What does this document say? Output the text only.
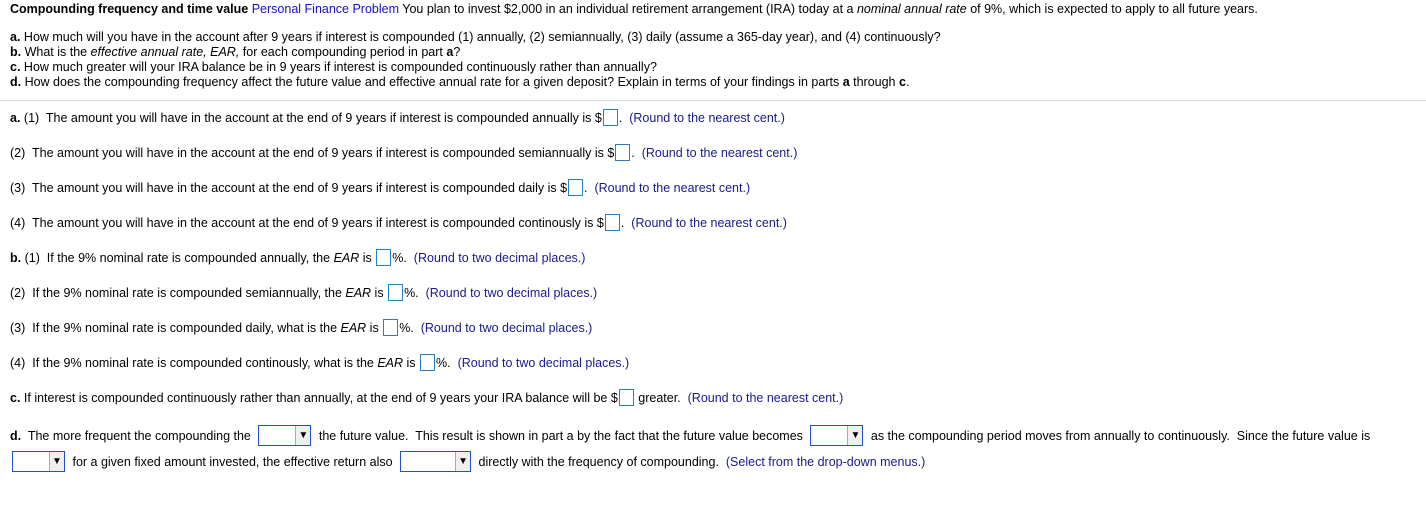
Compounding frequency and time value Personal Finance Problem You plan to invest $2,000 in an individual retirement arrangement (IRA) today at a nominal annual rate of 9%, which is expected to apply to all future years.
a. How much will you have in the account after 9 years if interest is compounded (1) annually, (2) semiannually, (3) daily (assume a 365-day year), and (4) continuously?
b. What is the effective annual rate, EAR, for each compounding period in part a?
c. How much greater will your IRA balance be in 9 years if interest is compounded continuously rather than annually?
d. How does the compounding frequency affect the future value and effective annual rate for a given deposit? Explain in terms of your findings in parts a through c.
a. (1)  The amount you will have in the account at the end of 9 years if interest is compounded annually is $ .
(Round to the nearest cent.)
(2)  The amount you will have in the account at the end of 9 years if interest is compounded semiannually is $ .
(Round to the nearest cent.)
(3)  The amount you will have in the account at the end of 9 years if interest is compounded daily is $ .
(Round to the nearest cent.)
(4)  The amount you will have in the account at the end of 9 years if interest is compounded continously is $ .
(Round to the nearest cent.)
b. (1)  If the 9% nominal rate is compounded annually, the EAR is %.
(Round to two decimal places.)
(2)  If the 9% nominal rate is compounded semiannually, the EAR is %.
(Round to two decimal places.)
(3)  If the 9% nominal rate is compounded daily, what is the EAR is %.
(Round to two decimal places.)
(4)  If the 9% nominal rate is compounded continously, what is the EAR is %.
(Round to two decimal places.)
c. If interest is compounded continuously rather than annually, at the end of 9 years your IRA balance will be $ greater.
(Round to the nearest cent.)
d. The more frequent the compounding the	▼ the future value.  This result is shown in part a by the fact that the future value becomes	▼ as the compounding period moves from annually to continuously.  Since the future value is
▼ for a given fixed amount invested, the effective return also	▼ directly with the frequency of compounding.
(Select from the drop-down menus.)
